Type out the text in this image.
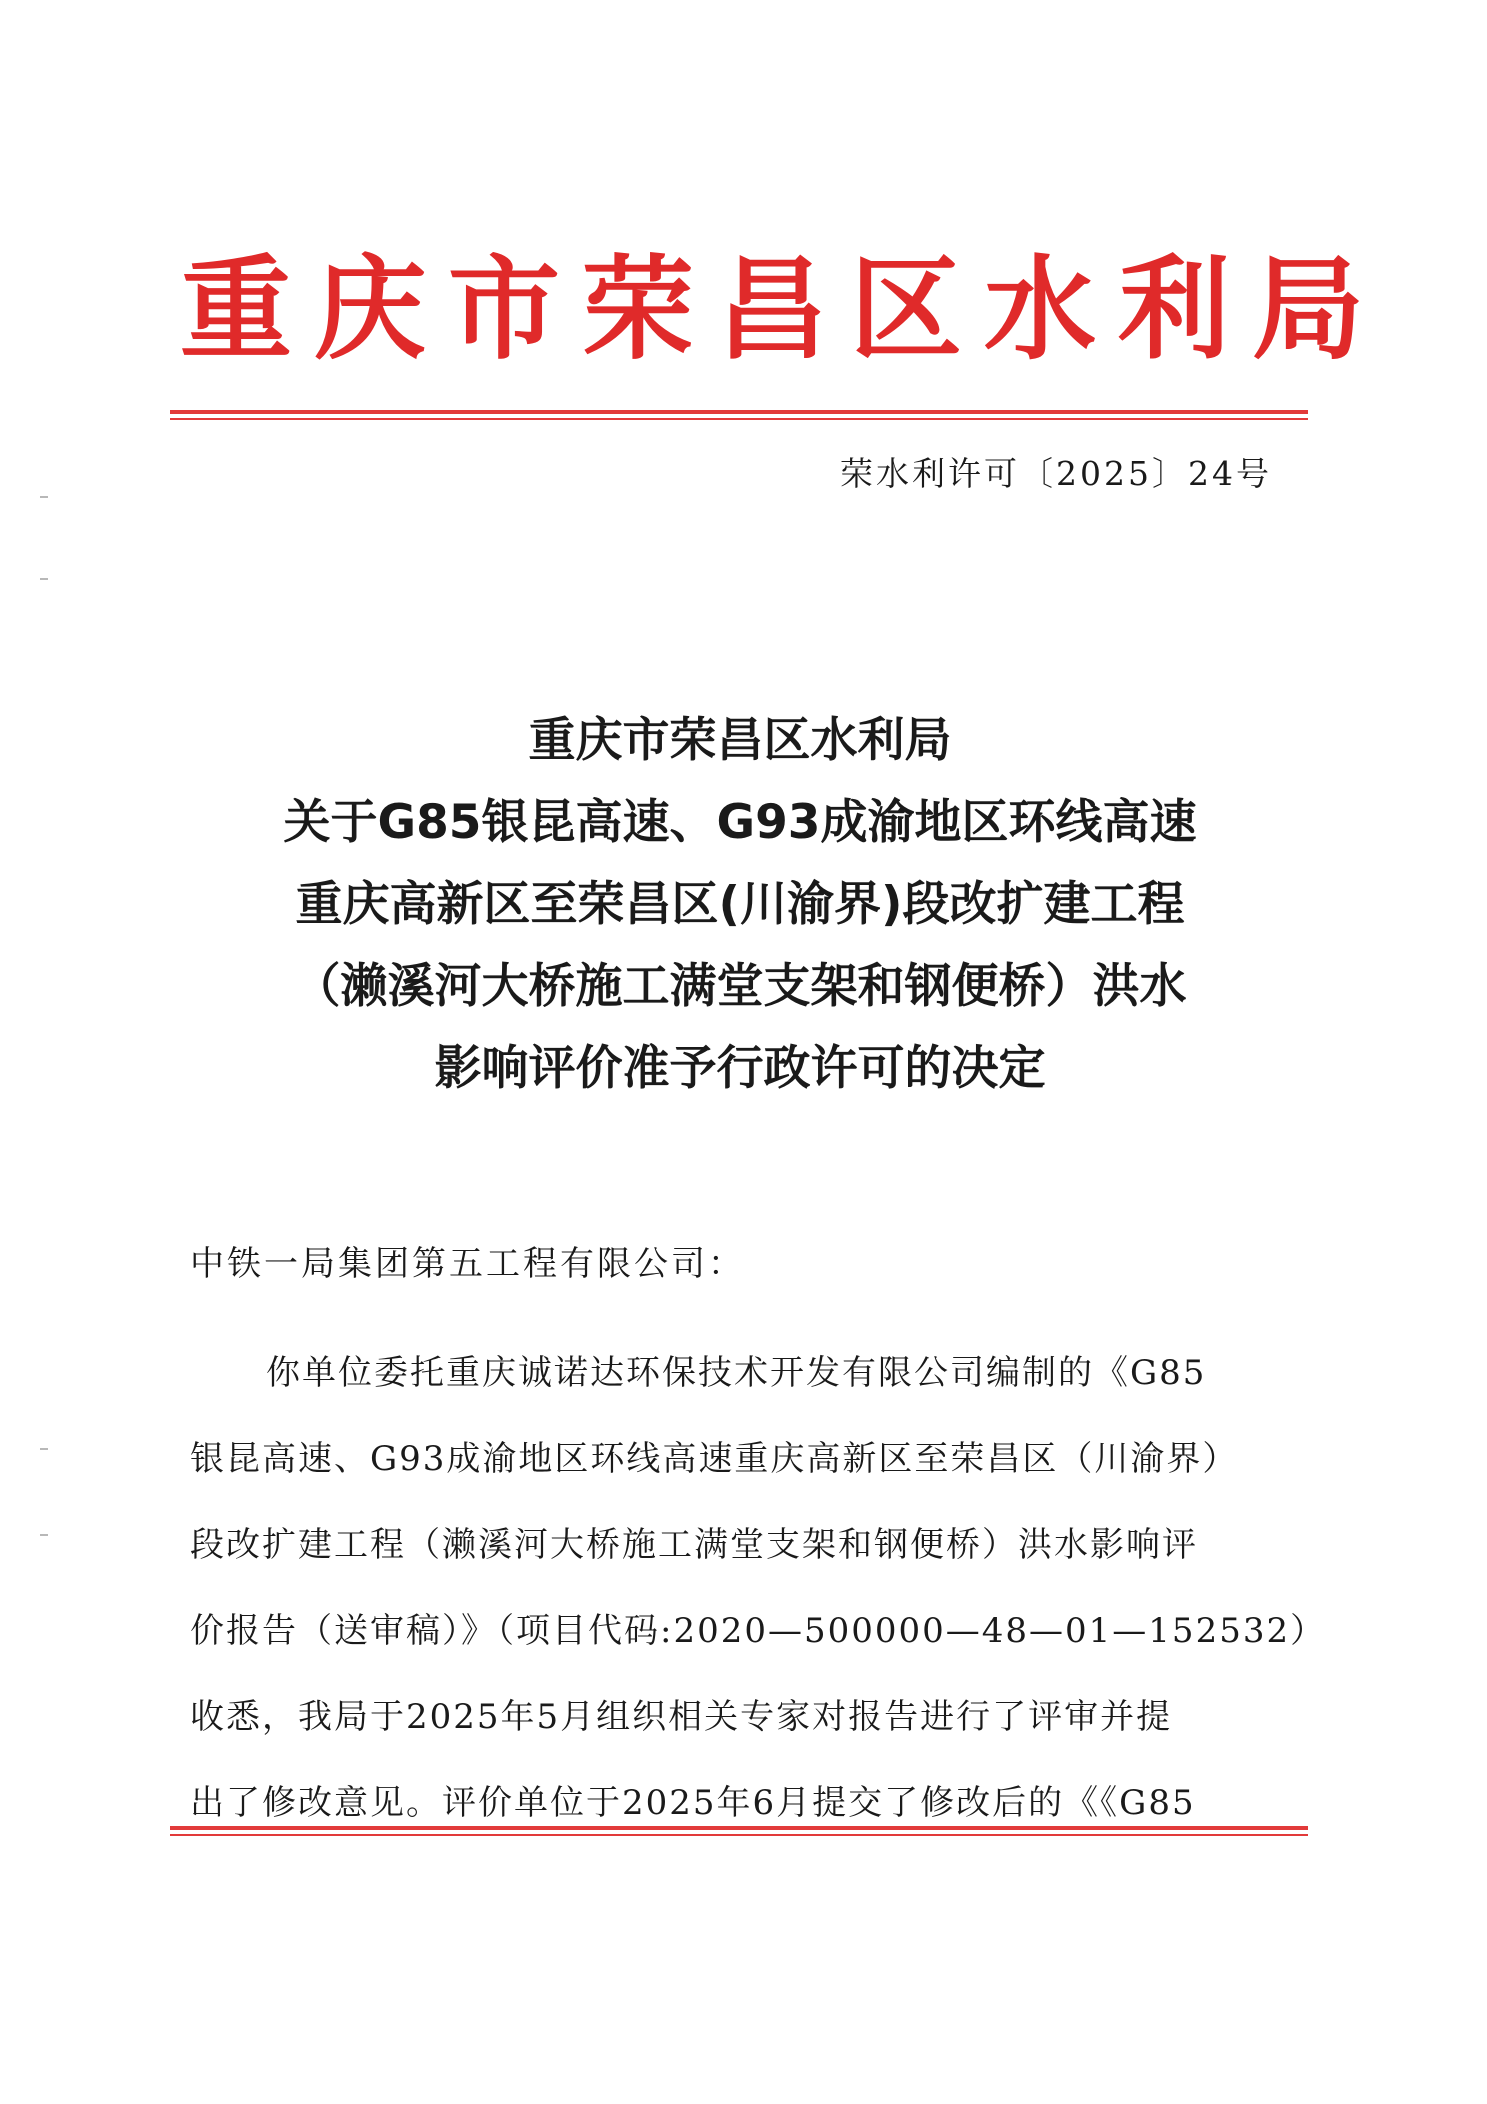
重庆市荣昌区水利局
荣水利许可〔2025〕24号
重庆市荣昌区水利局
关于G85银昆高速、G93成渝地区环线高速
重庆高新区至荣昌区(川渝界)段改扩建工程
（濑溪河大桥施工满堂支架和钢便桥）洪水
影响评价准予行政许可的决定
中铁一局集团第五工程有限公司：
你单位委托重庆诚诺达环保技术开发有限公司编制的《G85
银昆高速、G93成渝地区环线高速重庆高新区至荣昌区（川渝界）
段改扩建工程（濑溪河大桥施工满堂支架和钢便桥）洪水影响评
价报告（送审稿）》（项目代码:2020—500000—48—01—152532）
收悉，我局于2025年5月组织相关专家对报告进行了评审并提
出了修改意见。评价单位于2025年6月提交了修改后的《《G85
